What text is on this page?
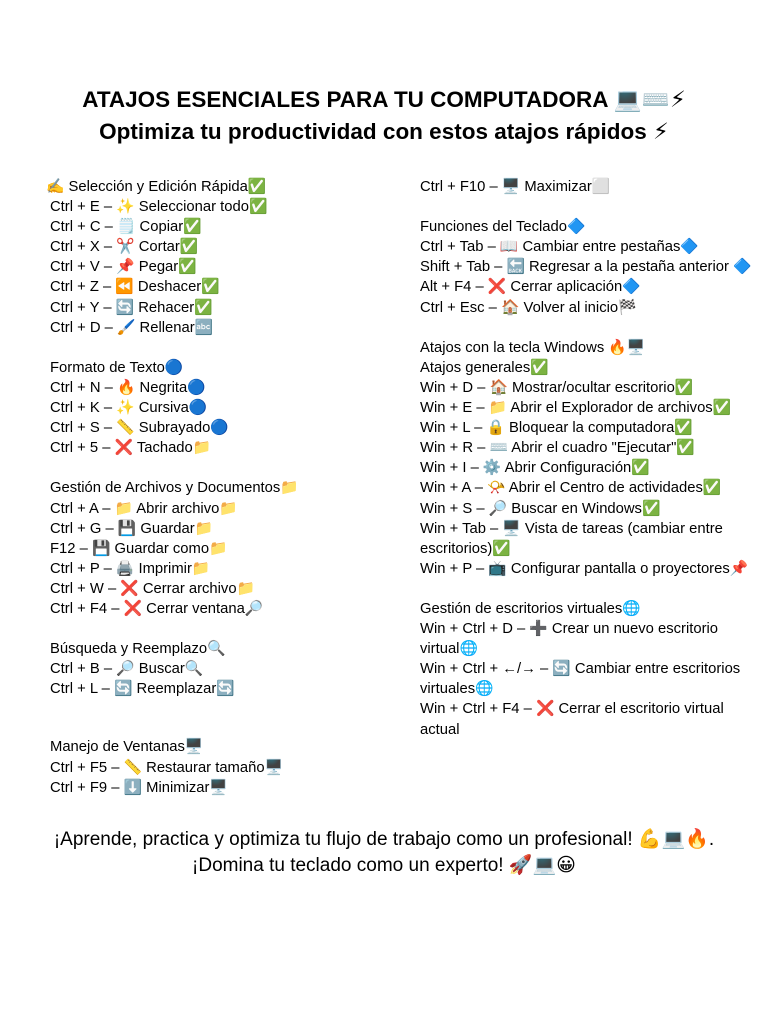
ATAJOS ESENCIALES PARA TU COMPUTADORA 💻⌨️⚡
Optimiza tu productividad con estos atajos rápidos ⚡
✍️ Selección y Edición Rápida✅
Ctrl + E – ✨ Seleccionar todo✅
Ctrl + C – 🗒️ Copiar✅
Ctrl + X – ✂️ Cortar✅
Ctrl + V – 📌 Pegar✅
Ctrl + Z – ⏪ Deshacer✅
Ctrl + Y – 🔄 Rehacer✅
Ctrl + D – 🖌️ Rellenar🔤
Formato de Texto🔵
Ctrl + N – 🔥 Negrita🔵
Ctrl + K – ✨ Cursiva🔵
Ctrl + S – 📏 Subrayado🔵
Ctrl + 5 – ❌ Tachado📁
Gestión de Archivos y Documentos📁
Ctrl + A – 📁 Abrir archivo📁
Ctrl + G – 💾 Guardar📁
F12 – 💾 Guardar como📁
Ctrl + P – 🖨️ Imprimir📁
Ctrl + W – ❌ Cerrar archivo📁
Ctrl + F4 – ❌ Cerrar ventana🔎
Búsqueda y Reemplazo🔍
Ctrl + B – 🔎 Buscar🔍
Ctrl + L – 🔄 Reemplazar🔄
Manejo de Ventanas🖥️
Ctrl + F5 – 📏 Restaurar tamaño🖥️
Ctrl + F9 – ⬇️ Minimizar🖥️
Ctrl + F10 – 🖥️ Maximizar⬜
Funciones del Teclado🔷
Ctrl + Tab – 📖 Cambiar entre pestañas🔷
Shift + Tab – 🔙 Regresar a la pestaña anterior 🔷
Alt + F4 – ❌ Cerrar aplicación🔷
Ctrl + Esc – 🏠 Volver al inicio🏁
Atajos con la tecla Windows 🔥🖥️
Atajos generales✅
Win + D – 🏠 Mostrar/ocultar escritorio✅
Win + E – 📁 Abrir el Explorador de archivos✅
Win + L – 🔒 Bloquear la computadora✅
Win + R – ⌨️ Abrir el cuadro "Ejecutar"✅
Win + I – ⚙️ Abrir Configuración✅
Win + A – 📯 Abrir el Centro de actividades✅
Win + S – 🔎 Buscar en Windows✅
Win + Tab – 🖥️ Vista de tareas (cambiar entre escritorios)✅
Win + P – 📺 Configurar pantalla o proyectores📌
Gestión de escritorios virtuales🌐
Win + Ctrl + D – ➕ Crear un nuevo escritorio virtual🌐
Win + Ctrl + ←/→ – 🔄 Cambiar entre escritorios virtuales🌐
Win + Ctrl + F4 – ❌ Cerrar el escritorio virtual actual
¡Aprende, practica y optimiza tu flujo de trabajo como un profesional! 💪💻🔥.
¡Domina tu teclado como un experto! 🚀💻😀
